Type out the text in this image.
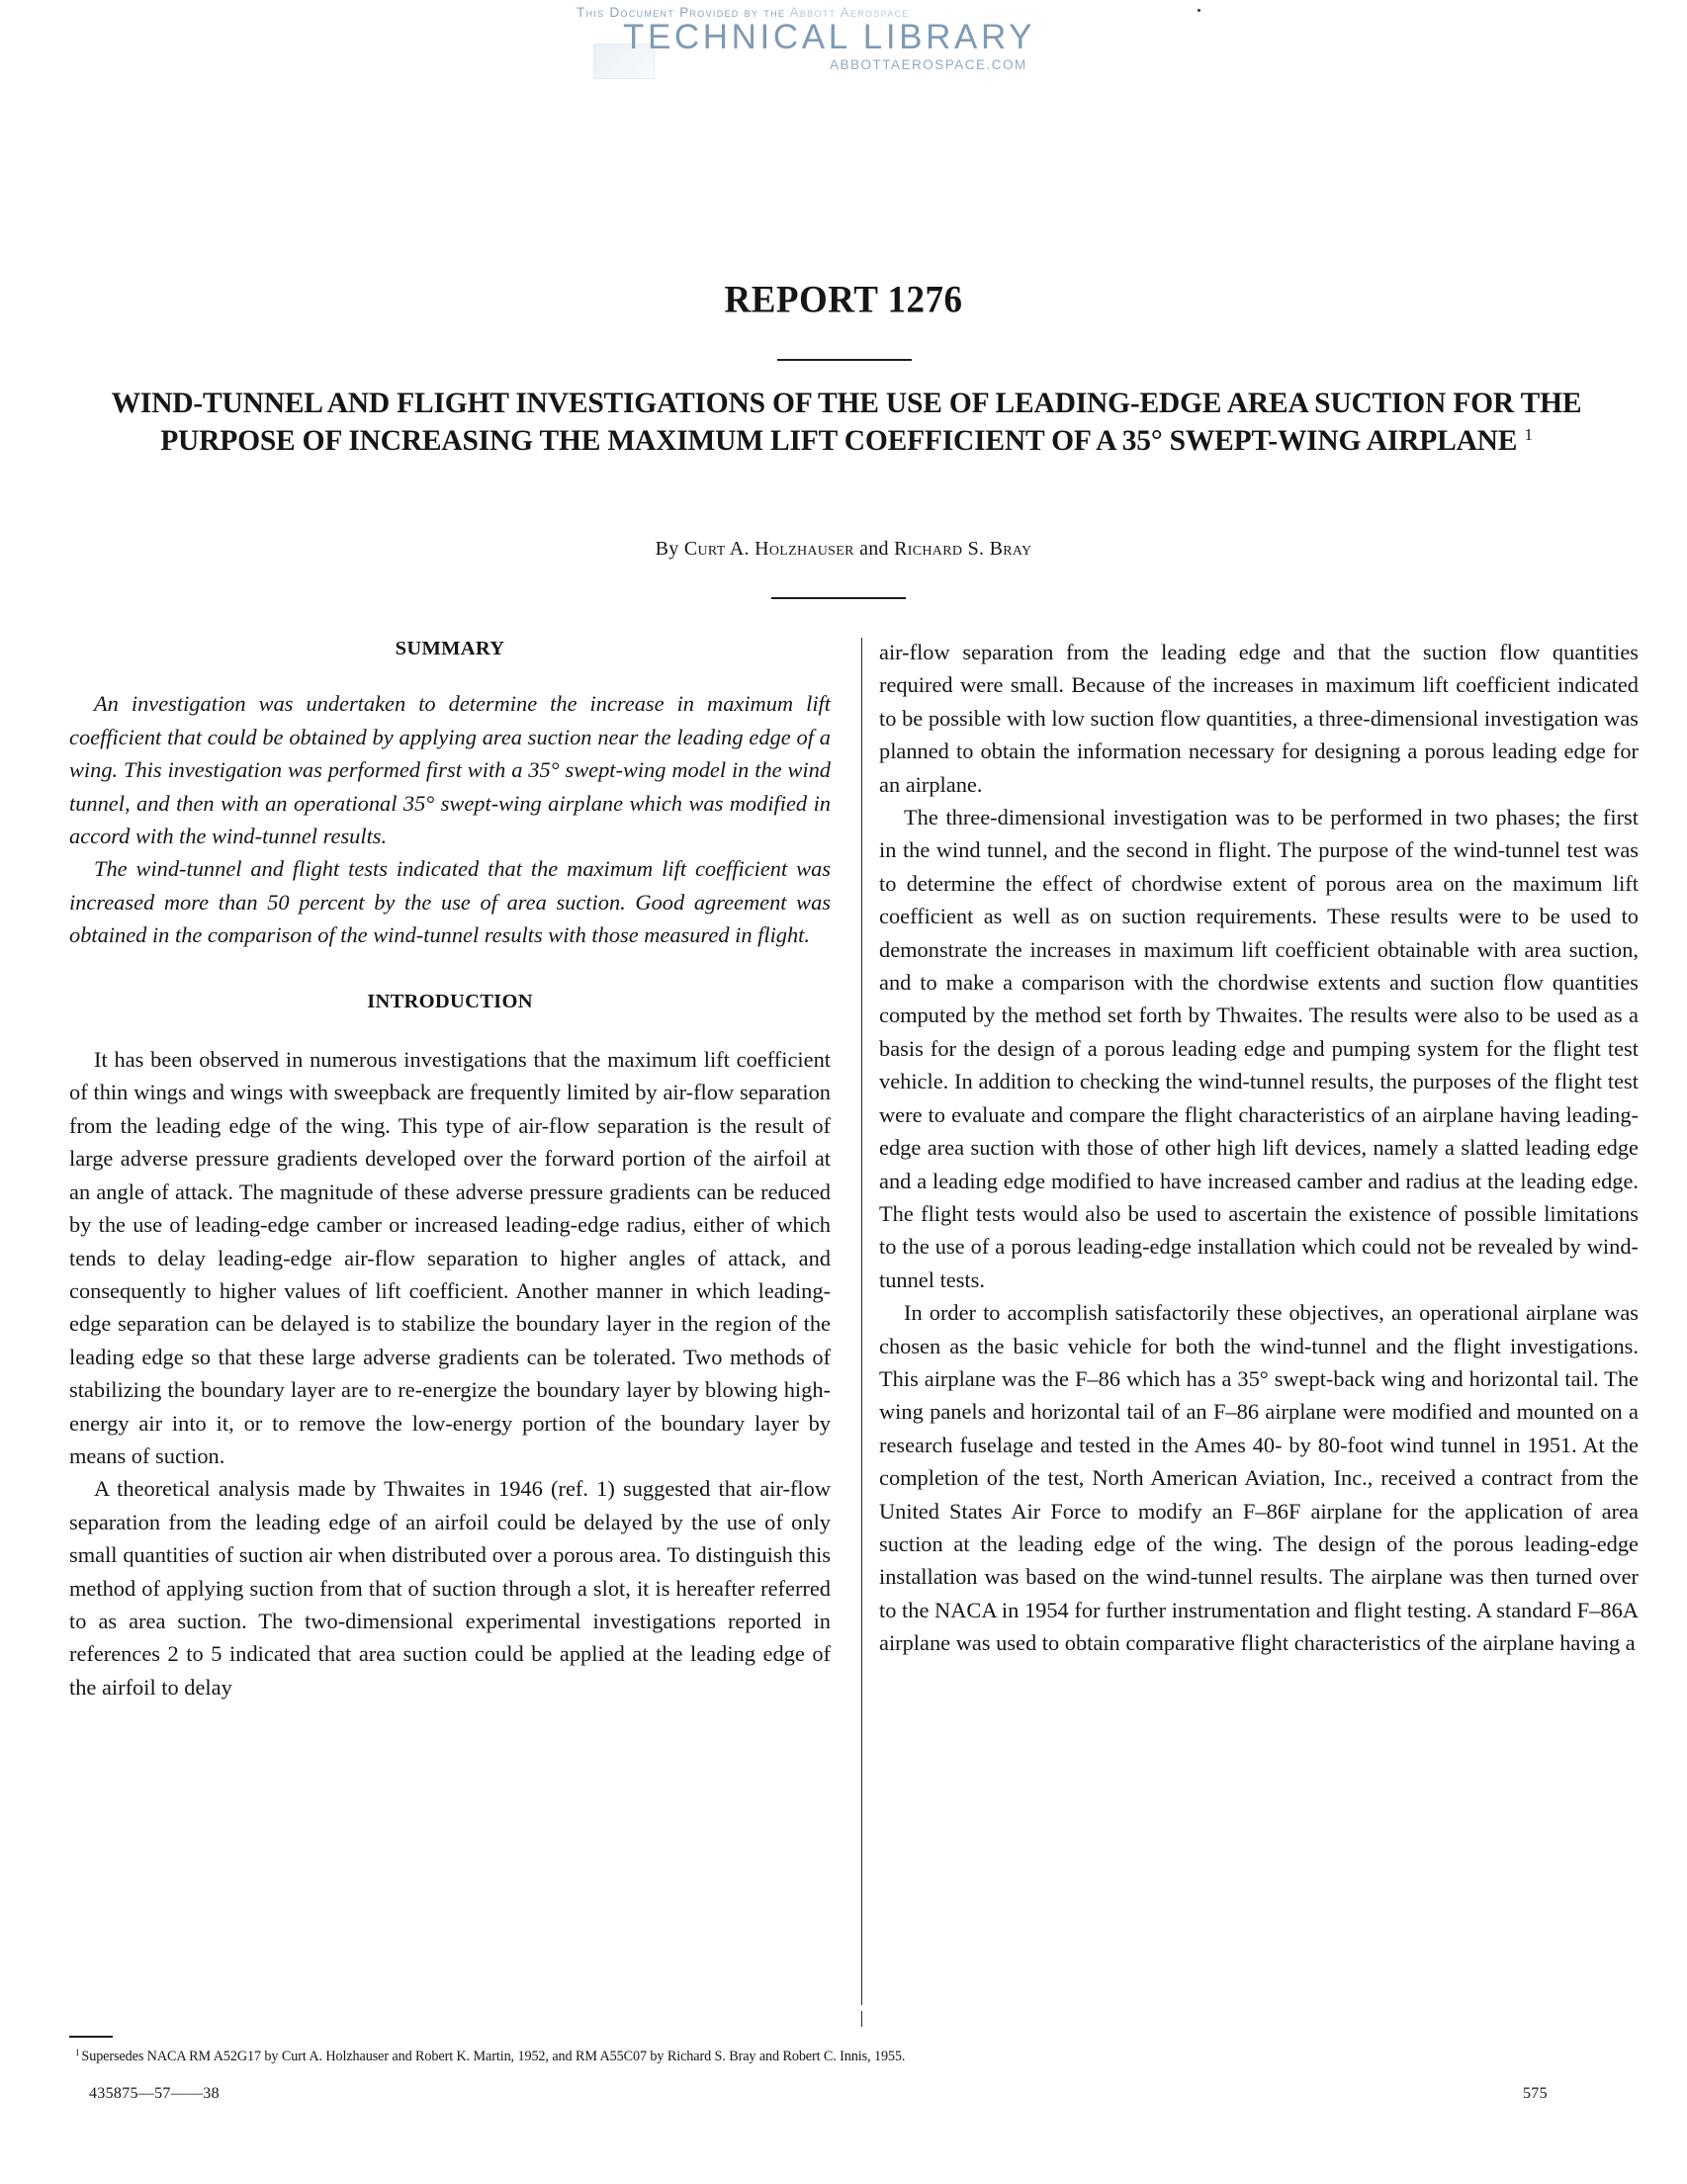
This Document Provided by the Abbott Aerospace
TECHNICAL LIBRARY
ABBOTTAEROSPACE.COM
REPORT 1276
WIND-TUNNEL AND FLIGHT INVESTIGATIONS OF THE USE OF LEADING-EDGE AREA SUCTION FOR THE PURPOSE OF INCREASING THE MAXIMUM LIFT COEFFICIENT OF A 35° SWEPT-WING AIRPLANE $^1$
By Curt A. Holzhauser and Richard S. Bray
SUMMARY

An investigation was undertaken to determine the increase in maximum lift coefficient that could be obtained by applying area suction near the leading edge of a wing. This investigation was performed first with a 35° swept-wing model in the wind tunnel, and then with an operational 35° swept-wing airplane which was modified in accord with the wind-tunnel results.

The wind-tunnel and flight tests indicated that the maximum lift coefficient was increased more than 50 percent by the use of area suction. Good agreement was obtained in the comparison of the wind-tunnel results with those measured in flight.

INTRODUCTION

It has been observed in numerous investigations that the maximum lift coefficient of thin wings and wings with sweepback are frequently limited by air-flow separation from the leading edge of the wing. This type of air-flow separation is the result of large adverse pressure gradients developed over the forward portion of the airfoil at an angle of attack. The magnitude of these adverse pressure gradients can be reduced by the use of leading-edge camber or increased leading-edge radius, either of which tends to delay leading-edge air-flow separation to higher angles of attack, and consequently to higher values of lift coefficient. Another manner in which leading-edge separation can be delayed is to stabilize the boundary layer in the region of the leading edge so that these large adverse gradients can be tolerated. Two methods of stabilizing the boundary layer are to re-energize the boundary layer by blowing high-energy air into it, or to remove the low-energy portion of the boundary layer by means of suction.

A theoretical analysis made by Thwaites in 1946 (ref. 1) suggested that air-flow separation from the leading edge of an airfoil could be delayed by the use of only small quantities of suction air when distributed over a porous area. To distinguish this method of applying suction from that of suction through a slot, it is hereafter referred to as area suction. The two-dimensional experimental investigations reported in references 2 to 5 indicated that area suction could be applied at the leading edge of the airfoil to delay

air-flow separation from the leading edge and that the suction flow quantities required were small. Because of the increases in maximum lift coefficient indicated to be possible with low suction flow quantities, a three-dimensional investigation was planned to obtain the information necessary for designing a porous leading edge for an airplane.

The three-dimensional investigation was to be performed in two phases; the first in the wind tunnel, and the second in flight. The purpose of the wind-tunnel test was to determine the effect of chordwise extent of porous area on the maximum lift coefficient as well as on suction requirements. These results were to be used to demonstrate the increases in maximum lift coefficient obtainable with area suction, and to make a comparison with the chordwise extents and suction flow quantities computed by the method set forth by Thwaites. The results were also to be used as a basis for the design of a porous leading edge and pumping system for the flight test vehicle. In addition to checking the wind-tunnel results, the purposes of the flight test were to evaluate and compare the flight characteristics of an airplane having leading-edge area suction with those of other high lift devices, namely a slatted leading edge and a leading edge modified to have increased camber and radius at the leading edge. The flight tests would also be used to ascertain the existence of possible limitations to the use of a porous leading-edge installation which could not be revealed by wind-tunnel tests.

In order to accomplish satisfactorily these objectives, an operational airplane was chosen as the basic vehicle for both the wind-tunnel and the flight investigations. This airplane was the F–86 which has a 35° swept-back wing and horizontal tail. The wing panels and horizontal tail of an F–86 airplane were modified and mounted on a research fuselage and tested in the Ames 40- by 80-foot wind tunnel in 1951. At the completion of the test, North American Aviation, Inc., received a contract from the United States Air Force to modify an F–86F airplane for the application of area suction at the leading edge of the wing. The design of the porous leading-edge installation was based on the wind-tunnel results. The airplane was then turned over to the NACA in 1954 for further instrumentation and flight testing. A standard F–86A airplane was used to obtain comparative flight characteristics of the airplane having a

$^1$ Supersedes NACA RM A52G17 by Curt A. Holzhauser and Robert K. Martin, 1952, and RM A55C07 by Richard S. Bray and Robert C. Innis, 1955.
435875—57——38	575
